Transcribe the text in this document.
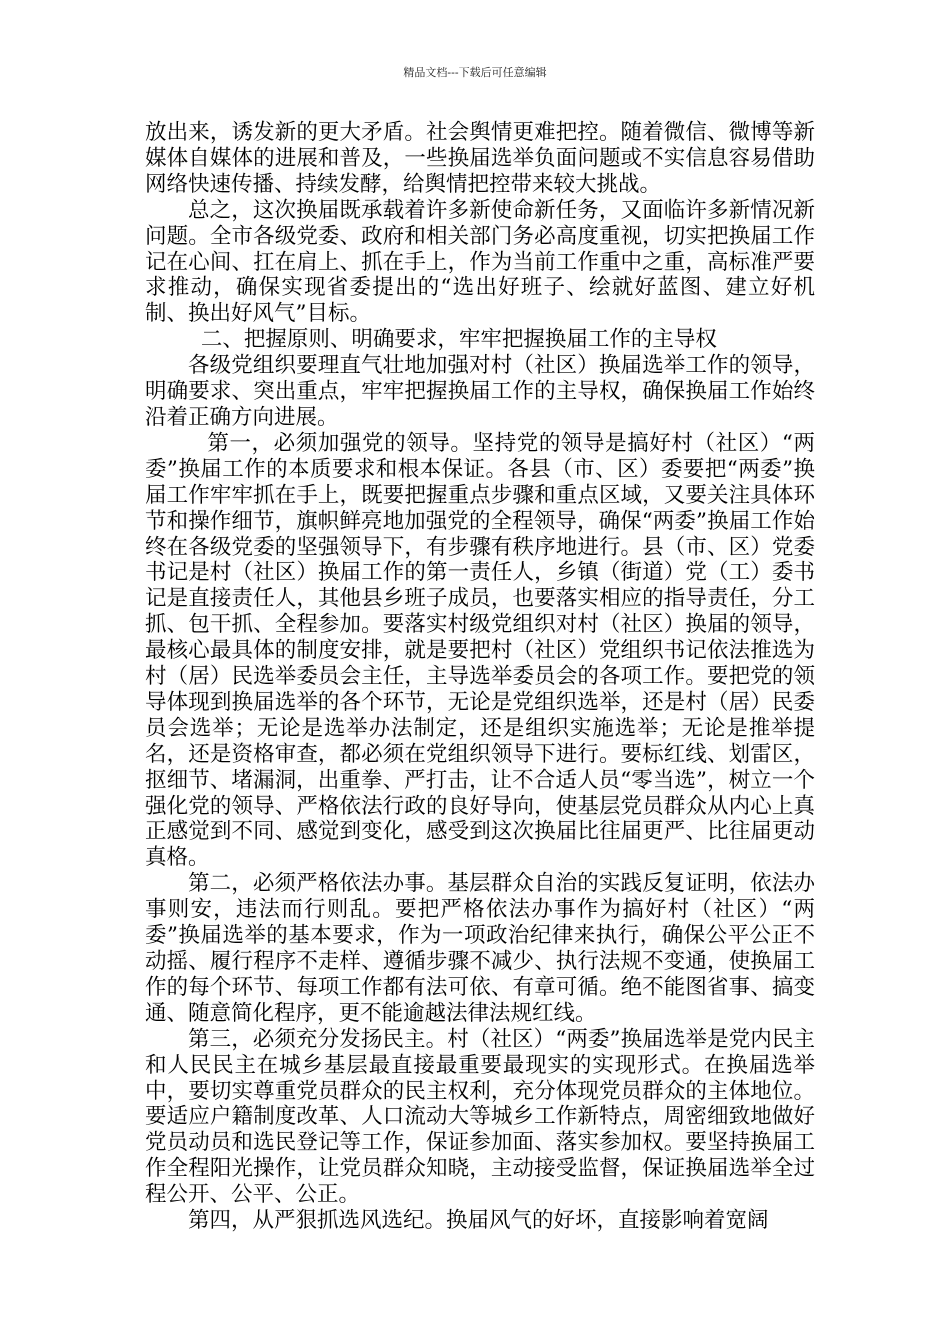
精品文档---下载后可任意编辑

放出来，诱发新的更大矛盾。社会舆情更难把控。随着微信、微博等新媒体自媒体的进展和普及，一些换届选举负面问题或不实信息容易借助网络快速传播、持续发酵，给舆情把控带来较大挑战。

总之，这次换届既承载着许多新使命新任务，又面临许多新情况新问题。全市各级党委、政府和相关部门务必高度重视，切实把换届工作记在心间、扛在肩上、抓在手上，作为当前工作重中之重，高标准严要求推动，确保实现省委提出的“选出好班子、绘就好蓝图、建立好机制、换出好风气”目标。

二、把握原则、明确要求，牢牢把握换届工作的主导权

各级党组织要理直气壮地加强对村（社区）换届选举工作的领导，明确要求、突出重点，牢牢把握换届工作的主导权，确保换届工作始终沿着正确方向进展。

第一，必须加强党的领导。坚持党的领导是搞好村（社区）“两委”换届工作的本质要求和根本保证。各县（市、区）委要把“两委”换届工作牢牢抓在手上，既要把握重点步骤和重点区域，又要关注具体环节和操作细节，旗帜鲜亮地加强党的全程领导，确保“两委”换届工作始终在各级党委的坚强领导下，有步骤有秩序地进行。县（市、区）党委书记是村（社区）换届工作的第一责任人，乡镇（街道）党（工）委书记是直接责任人，其他县乡班子成员，也要落实相应的指导责任，分工抓、包干抓、全程参加。要落实村级党组织对村（社区）换届的领导，最核心最具体的制度安排，就是要把村（社区）党组织书记依法推选为村（居）民选举委员会主任，主导选举委员会的各项工作。要把党的领导体现到换届选举的各个环节，无论是党组织选举，还是村（居）民委员会选举；无论是选举办法制定，还是组织实施选举；无论是推举提名，还是资格审查，都必须在党组织领导下进行。要标红线、划雷区，抠细节、堵漏洞，出重拳、严打击，让不合适人员“零当选”，树立一个强化党的领导、严格依法行政的良好导向，使基层党员群众从内心上真正感觉到不同、感觉到变化，感受到这次换届比往届更严、比往届更动真格。

第二，必须严格依法办事。基层群众自治的实践反复证明，依法办事则安，违法而行则乱。要把严格依法办事作为搞好村（社区）“两委”换届选举的基本要求，作为一项政治纪律来执行，确保公平公正不动摇、履行程序不走样、遵循步骤不减少、执行法规不变通，使换届工作的每个环节、每项工作都有法可依、有章可循。绝不能图省事、搞变通、随意简化程序，更不能逾越法律法规红线。

第三，必须充分发扬民主。村（社区）“两委”换届选举是党内民主和人民民主在城乡基层最直接最重要最现实的实现形式。在换届选举中，要切实尊重党员群众的民主权利，充分体现党员群众的主体地位。要适应户籍制度改革、人口流动大等城乡工作新特点，周密细致地做好党员动员和选民登记等工作，保证参加面、落实参加权。要坚持换届工作全程阳光操作，让党员群众知晓，主动接受监督，保证换届选举全过程公开、公平、公正。

第四，从严狠抓选风选纪。换届风气的好坏，直接影响着宽阔
